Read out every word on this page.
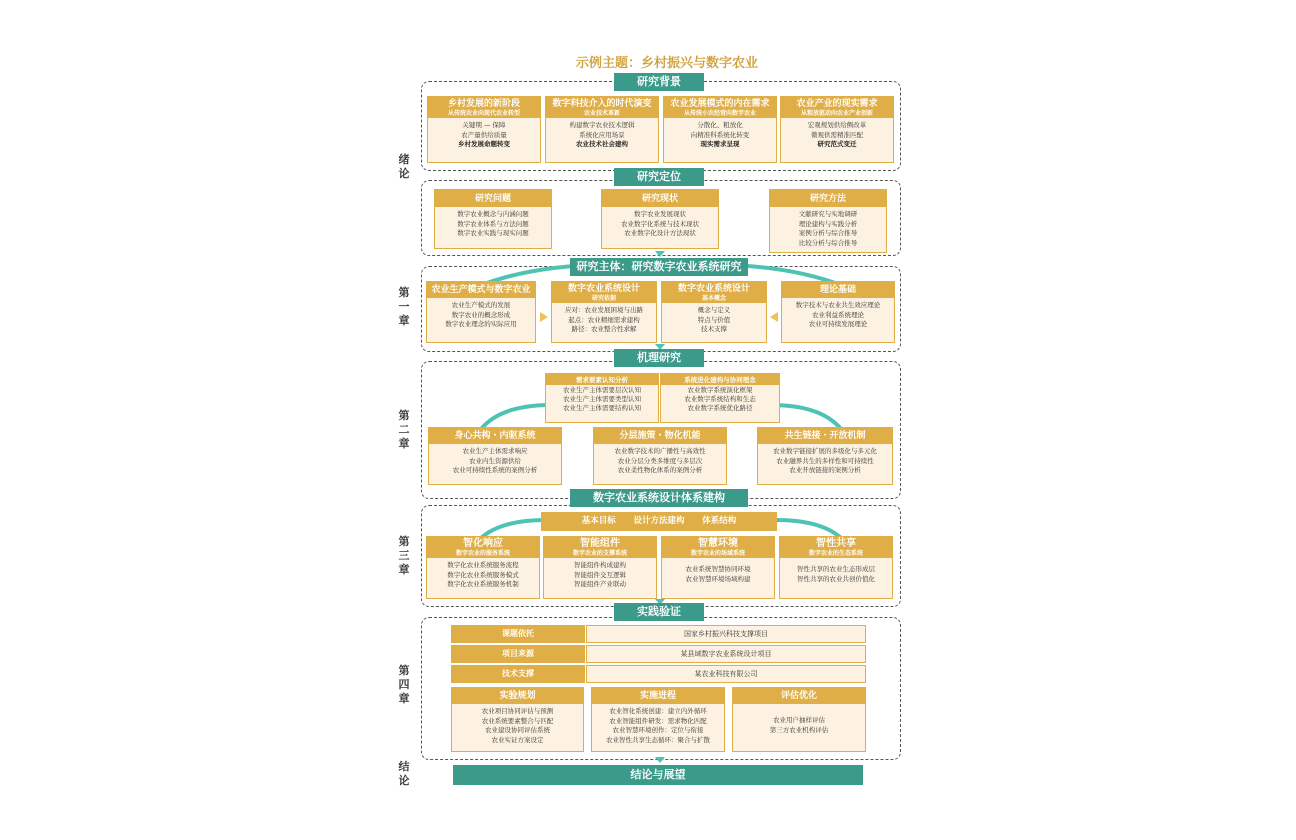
示例主题：乡村振兴与数字农业
绪论
第一章
第二章
第三章
第四章
结论
研究背景
乡村发展的新阶段
从传统农业向现代农业转型
关键期 — 保障
农产量供给质量
乡村发展命题转变
数字科技介入的时代演变
农业技术革新
构建数字农业技术逻辑
系统化应用场景
农业技术社会建构
农业发展模式的内在需求
从传统小农经营向数字农业
分散化、粗放化
向精准科系统化转变
现实需求呈现
农业产业的现实需求
从粗放驱动向农业产业创新
宏观规划供给侧改革
微观供需精准匹配
研究范式变迁
研究定位
研究问题
数字农业概念与内涵问题
数字农业体系与方法问题
数字农业实践与现实问题
研究现状
数字农业发展现状
农业数字化系统与技术现状
农业数字化设计方法现状
研究方法
文献研究与实地调研
理论建构与实践分析
案例分析与综合推导
比较分析与综合推导
研究主体：研究数字农业系统研究
农业生产模式与数字农业
农业生产模式的发展
数字农业的概念形成
数字农业理念的实际应用
数字农业系统设计
研究依据
应对：农业发展困境与出路
起点：农业精细需求建构
路径：农业整合性求解
数字农业系统设计
基本概念
概念与定义
特点与价值
技术支撑
理论基础
数字技术与农业共生效应理论
农业利益系统理论
农业可持续发展理论
机理研究
需求要素认知分析
农业生产主体需要层次认知
农业生产主体需要类型认知
农业生产主体需要结构认知
系统进化建构与协同理念
农业数字系统演化框架
农业数字系统结构和生态
农业数字系统优化路径
身心共构・内驱系统
农业生产主体需求响应
农业内生资源供给
农业可持续性系统的案例分析
分层施策・物化机能
农业数字技术的广播性与高效性
农业分层分类多维度与多层次
农业柔性物化体系的案例分析
共生链接・开放机制
农业数字链接扩展的多级化与多元化
农业融界共生的多样性和可持续性
农业开放链接的案例分析
数字农业系统设计体系建构
基本目标 设计方法建构 体系结构
智化响应
数字农业的服务系统
数字化农业系统服务流程
数字化农业系统服务模式
数字化农业系统服务机制
智能组件
数字农业的支撑系统
智能组件构成建构
智能组件交互逻辑
智能组件产业联动
智慧环境
数字农业的场域系统
农业系统智慧协同环境
农业智慧环境场域构建
智性共享
数字农业的生态系统
智性共享的农业生态形成层
智性共享的农业共创价值化
实践验证
课题依托	国家乡村振兴科技支撑项目
项目来源	某县域数字农业系统设计项目
技术支撑	某农业科技有限公司
实验规划
农业项目协同评估与预测
农业系统要素整合与匹配
农业建设协同评估系统
农业实证方案设定
实施进程
农业智化系统创建：建立内外循环
农业智能组件研发：需求物化匹配
农业智慧环境创作：定位与衔接
农业智性共享生态循环：聚合与扩散
评估优化
农业用户抽样评估
第三方农业机构评估
结论与展望
